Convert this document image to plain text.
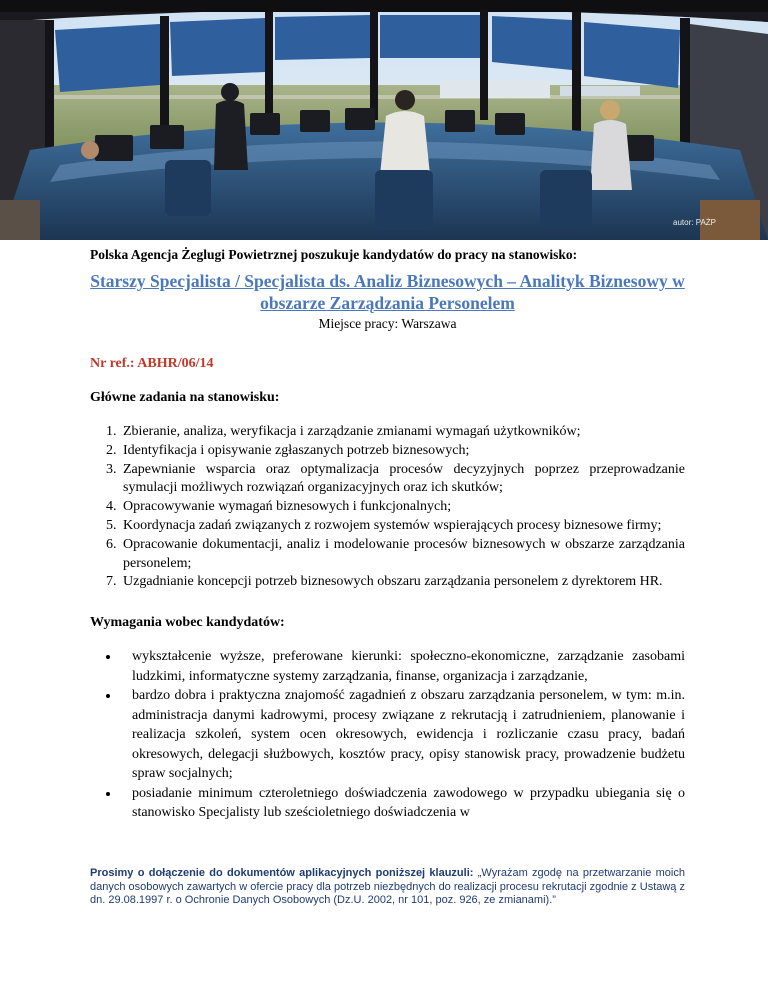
autor: PAŻP

Polska Agencja Żeglugi Powietrznej poszukuje kandydatów do pracy na stanowisko:

Starszy Specjalista / Specjalista ds. Analiz Biznesowych – Analityk Biznesowy w obszarze Zarządzania Personelem

Miejsce pracy: Warszawa

Nr ref.: ABHR/06/14

Główne zadania na stanowisku:

1. Zbieranie, analiza, weryfikacja i zarządzanie zmianami wymagań użytkowników;
2. Identyfikacja i opisywanie zgłaszanych potrzeb biznesowych;
3. Zapewnianie wsparcia oraz optymalizacja procesów decyzyjnych poprzez przeprowadzanie symulacji możliwych rozwiązań organizacyjnych oraz ich skutków;
4. Opracowywanie wymagań biznesowych i funkcjonalnych;
5. Koordynacja zadań związanych z rozwojem systemów wspierających procesy biznesowe firmy;
6. Opracowanie dokumentacji, analiz i modelowanie procesów biznesowych w obszarze zarządzania personelem;
7. Uzgadnianie koncepcji potrzeb biznesowych obszaru zarządzania personelem z dyrektorem HR.

Wymagania wobec kandydatów:

• wykształcenie wyższe, preferowane kierunki: społeczno-ekonomiczne, zarządzanie zasobami ludzkimi, informatyczne systemy zarządzania, finanse, organizacja i zarządzanie,
• bardzo dobra i praktyczna znajomość zagadnień z obszaru zarządzania personelem, w tym: m.in. administracja danymi kadrowymi, procesy związane z rekrutacją i zatrudnieniem, planowanie i realizacja szkoleń, system ocen okresowych, ewidencja i rozliczanie czasu pracy, badań okresowych, delegacji służbowych, kosztów pracy, opisy stanowisk pracy, prowadzenie budżetu spraw socjalnych;
• posiadanie minimum czteroletniego doświadczenia zawodowego w przypadku ubiegania się o stanowisko Specjalisty lub sześcioletniego doświadczenia w

Prosimy o dołączenie do dokumentów aplikacyjnych poniższej klauzuli: „Wyrażam zgodę na przetwarzanie moich danych osobowych zawartych w ofercie pracy dla potrzeb niezbędnych do realizacji procesu rekrutacji zgodnie z Ustawą z dn. 29.08.1997 r. o Ochronie Danych Osobowych (Dz.U. 2002, nr 101, poz. 926, ze zmianami).”
